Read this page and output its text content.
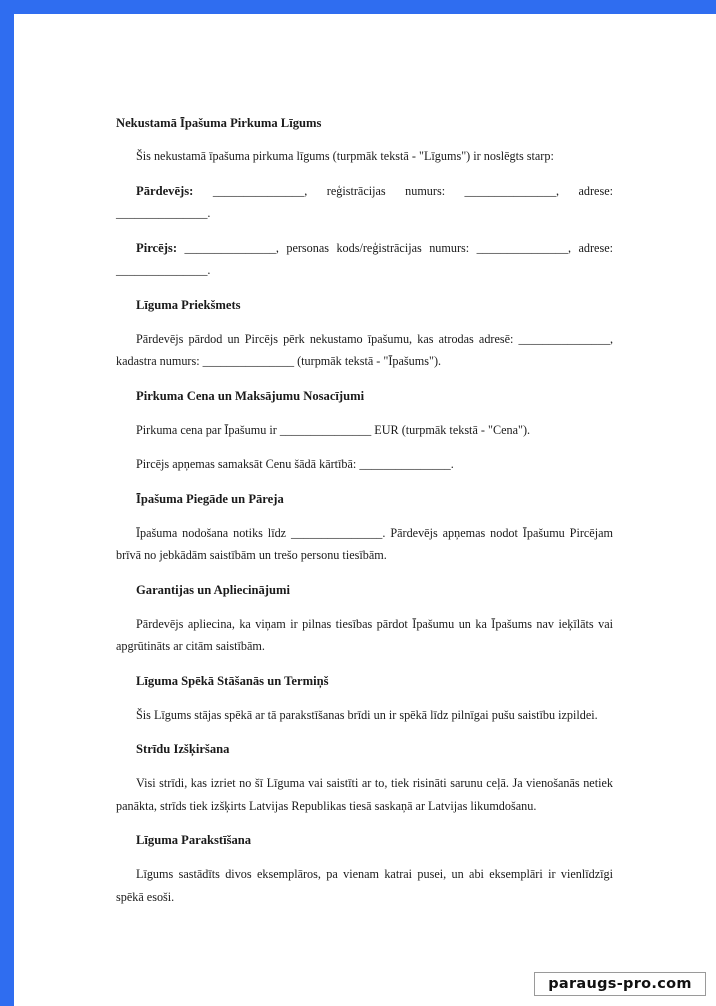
Nekustamā Īpašuma Pirkuma Līgums
Šis nekustamā īpašuma pirkuma līgums (turpmāk tekstā - "Līgums") ir noslēgts starp:
Pārdevējs: _______________, reģistrācijas numurs: _______________, adrese: _______________.
Pircējs: _______________, personas kods/reģistrācijas numurs: _______________, adrese: _______________.
Līguma Priekšmets
Pārdevējs pārdod un Pircējs pērk nekustamo īpašumu, kas atrodas adresē: _______________, kadastra numurs: _______________ (turpmāk tekstā - "Īpašums").
Pirkuma Cena un Maksājumu Nosacījumi
Pirkuma cena par Īpašumu ir _______________ EUR (turpmāk tekstā - "Cena").
Pircējs apņemas samaksāt Cenu šādā kārtībā: _______________.
Īpašuma Piegāde un Pāreja
Īpašuma nodošana notiks līdz _______________. Pārdevējs apņemas nodot Īpašumu Pircējam brīvā no jebkādām saistībām un trešo personu tiesībām.
Garantijas un Apliecinājumi
Pārdevējs apliecina, ka viņam ir pilnas tiesības pārdot Īpašumu un ka Īpašums nav ieķīlāts vai apgrūtināts ar citām saistībām.
Līguma Spēkā Stāšanās un Termiņš
Šis Līgums stājas spēkā ar tā parakstīšanas brīdi un ir spēkā līdz pilnīgai pušu saistību izpildei.
Strīdu Izšķiršana
Visi strīdi, kas izriet no šī Līguma vai saistīti ar to, tiek risināti sarunu ceļā. Ja vienošanās netiek panākta, strīds tiek izšķirts Latvijas Republikas tiesā saskaņā ar Latvijas likumdošanu.
Līguma Parakstīšana
Līgums sastādīts divos eksemplāros, pa vienam katrai pusei, un abi eksemplāri ir vienlīdzīgi spēkā esoši.
paraugs-pro.com
